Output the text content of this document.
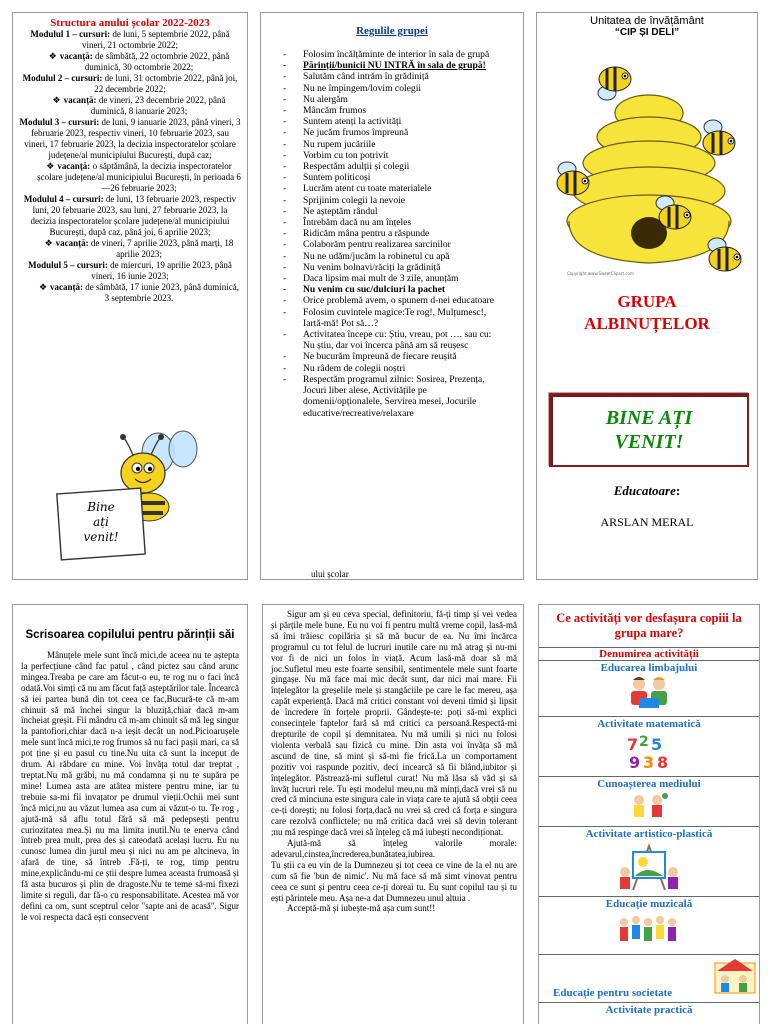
Structura anului școlar 2022-2023
Modulul 1 – cursuri: de luni, 5 septembrie 2022, până vineri, 21 octombrie 2022;
❖ vacanță: de sâmbătă, 22 octombrie 2022, până duminică, 30 octombrie 2022;
Modulul 2 – cursuri: de luni, 31 octombrie 2022, până joi, 22 decembrie 2022;
❖ vacanță: de vineri, 23 decembrie 2022, până duminică, 8 ianuarie 2023;
Modulul 3 – cursuri: de luni, 9 ianuarie 2023, până vineri, 3 februarie 2023, respectiv vineri, 10 februarie 2023, sau vineri, 17 februarie 2023, la decizia inspectoratelor școlare județene/al municipiului București, după caz;
❖ vacanță: o săptămână, la decizia inspectoratelor școlare județene/al municipiului București, în perioada 6—26 februarie 2023;
Modulul 4 – cursuri: de luni, 13 februarie 2023, respectiv luni, 20 februarie 2023, sau luni, 27 februarie 2023, la decizia inspectoratelor școlare județene/al municipiului București, după caz, până joi, 6 aprilie 2023;
❖ vacanță: de vineri, 7 aprilie 2023, până marți, 18 aprilie 2023;
Modulul 5 – cursuri: de miercuri, 19 aprilie 2023, până vineri, 16 iunie 2023;
❖ vacanță: de sâmbătă, 17 iunie 2023, până duminică, 3 septembrie 2023.
Bine
ați
venit!
Regulile grupei
- Folosim încălțăminte de interior în sala de grupă
- Părinții/bunicii NU INTRĂ în sala de grupă!
- Salutăm când intrăm în grădiniță
- Nu ne împingem/lovim colegii
- Nu alergăm
- Mâncăm frumos
- Suntem atenți la activități
- Ne jucăm frumos împreună
- Nu rupem jucăriile
- Vorbim cu ton potrivit
- Respectăm adulții și colegii
- Suntem politicoși
- Lucrăm atent cu toate materialele
- Sprijinim colegii la nevoie
- Ne așteptăm rândul
- Întrebăm dacă nu am înțeles
- Ridicăm mâna pentru a răspunde
- Colaborăm pentru realizarea sarcinilor
- Nu ne udăm/jucăm la robinetul cu apă
- Nu venim bolnavi/răciți la grădiniță
- Daca lipsim mai mult de 3 zile, anunțăm
- Nu venim cu suc/dulciuri la pachet
- Orice problemă avem, o spunem d-nei educatoare
- Folosim cuvintele magice:Te rog!, Mulțumesc!, Iartă-mă! Pot să…?
- Activitatea începe cu: Știu, vreau, pot …. sau cu: Nu știu, dar voi încerca până am să reușesc
- Ne bucurăm împreună de fiecare reușită
- Nu râdem de colegii noștri
- Respectăm programul zilnic: Sosirea, Prezența, Jocuri liber alese, Activitățile pe domenii/opționalele, Servirea mesei, Jocurile educative/recreative/relaxare
ului școlar
Unitatea de învățământ
“CIP ȘI DELI”
Copyright www.SweetClipart.com
GRUPA
ALBINUȚELOR
BINE AȚI
VENIT!
Educatoare:
ARSLAN MERAL
Scrisoarea copilului pentru părinții săi
Mânuțele mele sunt încă mici,de aceea nu te aștepta la perfecțiune când fac patul , când pictez sau când arunc mingea.Treaba pe care am făcut-o eu, te rog nu o faci încă odată.Voi simți că nu am făcut față așteptărilor tale. Încearcă să iei partea bună din tot ceea ce fac,Bucură-te că m-am chinuit să mă închei singur la bluziță,chiar dacă m-am încheiat greșit. Fii mândru că m-am chinuit să mă leg singur la pantofiori,chiar dacă n-a ieșit decât un nod.Picioarușele mele sunt încă mici,te rog frumos să nu faci pașii mari, ca să pot ține și eu pasul cu tine.Nu uita că sunt la inceput de drum. Ai răbdare cu mine. Voi învăța totul dar treptat , treptat.Nu mă grăbi, nu mă condamna și nu te supăra pe mine! Lumea asta are atâtea mistere pentru mine, iar tu trebuie sa-mi fii invațator pe drumul vieții.Ochii mei sunt încă mici,nu au văzut lumea asa cum ai văzut-o tu. Te rog , ajută-mă să aflu totul fără să mă pedepsești pentru curiozitatea mea.Și nu ma limita inutil.Nu te enerva când întreb prea mult, prea des și cateodată același lucru. Eu nu cunosc lumea din jurul meu și nici nu am pe altcineva, în afară de tine, să întreb .Fă-ți, te rog, timp pentru mine,explicându-mi ce știi despre lumea aceasta frumoasă și fă asta bucuros și plin de dragoste.Nu te teme să-mi fixezi limite si reguli, dar fă-o cu responsabilitate. Acestea mă vor defini ca om, sunt sceptrul celor "sapte ani de acasă". Sigur le voi respecta dacă ești consecvent

Sigur am și eu ceva special, definitoriu, fă-ți timp și vei vedea și părțile mele bune. Eu nu voi fi pentru multă vreme copil, lasă-mă să îmi trăiesc copilăria și să mă bucur de ea. Nu îmi încărca programul cu tot felul de lucruri inutile care nu mă atrag și nu-mi vor fi de nici un folos în viață. Acum lasă-mă doar să mă joc.Sufletul meu este foarte sensibil, sentimentele mele sunt foarte gingașe. Nu mă face mai mic decât sunt, dar nici mai mare. Fii înțelegător la greșelile mele și stangăciile pe care le fac mereu, așa capăt experiență. Dacă mă critici constant voi deveni timid și lipsit de încredere în forțele proprii. Gândește-te: poți să-mi explici consecințele faptelor fară să mă critici ca persoană.Respectă-mi drepturile de copil și demnitatea. Nu mă umili și nici nu folosi violenta verbală sau fizică cu mine. Din asta voi învăța să mă ascund de tine, să mint și să-mi fie frică.La un comportament pozitiv voi raspunde pozitiv, deci incearcă să fii blând,iubitor și înțelegător. Păstrează-mi sufletul curat! Nu mă lăsa să văd și să învăț lucruri rele. Tu ești modelul meu,nu mă minți,dacă vrei să nu cred că minciuna este singura cale in viața care te ajută să obții ceea ce-ți dorești; nu folosi forța,dacă nu vrei să cred că forța e singura care rezolvă conflictele; nu mă critica dacă vrei să devin tolerant ;nu mă respinge dacă vrei să înțeleg că mă iubești necondiționat.

Ajută-mă să înțeleg valorile morale: adevarul,cinstea,încrederea,bunătatea,iubirea.

Tu știi ca eu vin de la Dumnezeu și tot ceea ce vine de la el nu are cum să fie 'bun de nimic'. Nu mă face să mă simt vinovat pentru ceea ce sunt și pentru ceea ce-ți doreai tu. Eu sunt copilul tau și tu ești părintele meu. Așa ne-a dat Dumnezeu unul altuia .

Acceptă-mă și iubește-mă așa cum sunt!!

Ce activități vor desfașura copiii la grupa mare?
Denumirea activității
Educarea limbajului
Activitate matematică
7 2 5
9 3 8
Cunoașterea mediului
Activitate artistico-plastică
Educație muzicală
Educație pentru societate
Activitate practică
